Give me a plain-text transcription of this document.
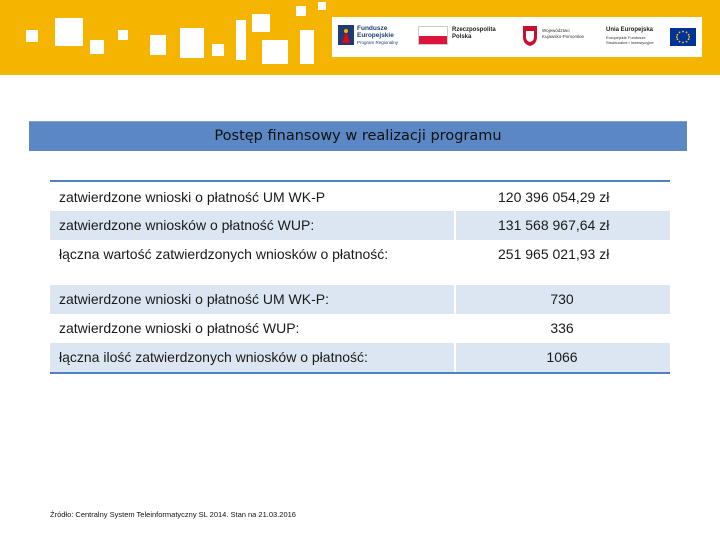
Fundusze
Europejskie
Program Regionalny
Rzeczpospolita
Polska
Województwo
Kujawsko-Pomorskie
Unia Europejska
Europejskie Fundusze
Strukturalne i Inwestycyjne
Postęp finansowy w realizacji programu
zatwierdzone wnioski o płatność UM WK-P	120 396 054,29 zł
zatwierdzone wniosków o płatność WUP:	131 568 967,64 zł
łączna wartość zatwierdzonych wniosków o płatność:	251 965 021,93 zł
zatwierdzone wnioski o płatność UM WK-P:	730
zatwierdzone wnioski o płatność WUP:	336
łączna ilość zatwierdzonych wniosków o płatność:	1066
Źródło: Centralny System Teleinformatyczny SL 2014. Stan na 21.03.2016
